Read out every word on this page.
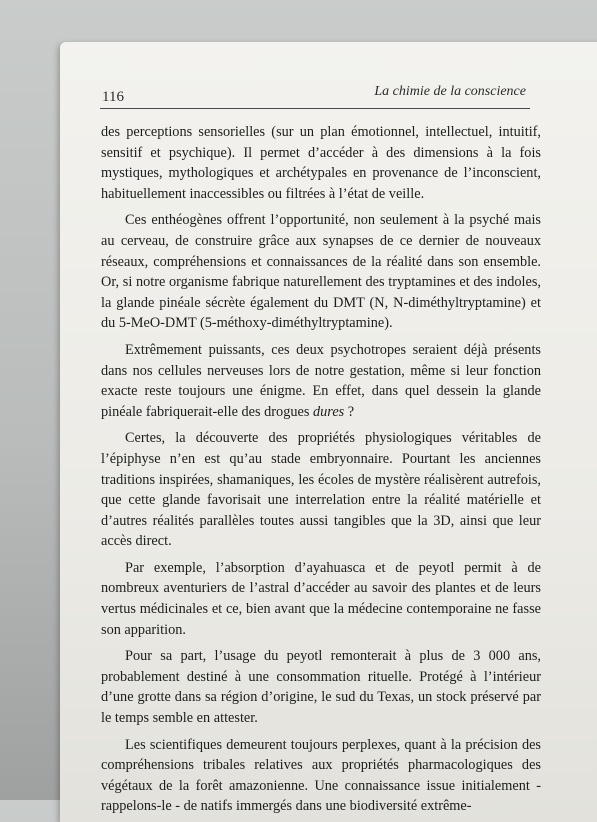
116	La chimie de la conscience

des perceptions sensorielles (sur un plan émotionnel, intellectuel, intuitif, sensitif et psychique). Il permet d’accéder à des dimensions à la fois mystiques, mythologiques et archétypales en provenance de l’inconscient, habituellement inaccessibles ou filtrées à l’état de veille.

Ces enthéogènes offrent l’opportunité, non seulement à la psyché mais au cerveau, de construire grâce aux synapses de ce dernier de nouveaux réseaux, compréhensions et connaissances de la réalité dans son ensemble. Or, si notre organisme fabrique naturellement des tryptamines et des indoles, la glande pinéale sécrète également du DMT (N, N-diméthyltryptamine) et du 5-MeO-DMT (5-méthoxy-diméthyltryptamine).

Extrêmement puissants, ces deux psychotropes seraient déjà présents dans nos cellules nerveuses lors de notre gestation, même si leur fonction exacte reste toujours une énigme. En effet, dans quel dessein la glande pinéale fabriquerait-elle des drogues dures ?

Certes, la découverte des propriétés physiologiques véritables de l’épiphyse n’en est qu’au stade embryonnaire. Pourtant les anciennes traditions inspirées, shamaniques, les écoles de mystère réalisèrent autrefois, que cette glande favorisait une interrelation entre la réalité matérielle et d’autres réalités parallèles toutes aussi tangibles que la 3D, ainsi que leur accès direct.

Par exemple, l’absorption d’ayahuasca et de peyotl permit à de nombreux aventuriers de l’astral d’accéder au savoir des plantes et de leurs vertus médicinales et ce, bien avant que la médecine contemporaine ne fasse son apparition.

Pour sa part, l’usage du peyotl remonterait à plus de 3 000 ans, probablement destiné à une consommation rituelle. Protégé à l’intérieur d’une grotte dans sa région d’origine, le sud du Texas, un stock préservé par le temps semble en attester.

Les scientifiques demeurent toujours perplexes, quant à la précision des compréhensions tribales relatives aux propriétés pharmacologiques des végétaux de la forêt amazonienne. Une connaissance issue initialement - rappelons-le - de natifs immergés dans une biodiversité extrême-
